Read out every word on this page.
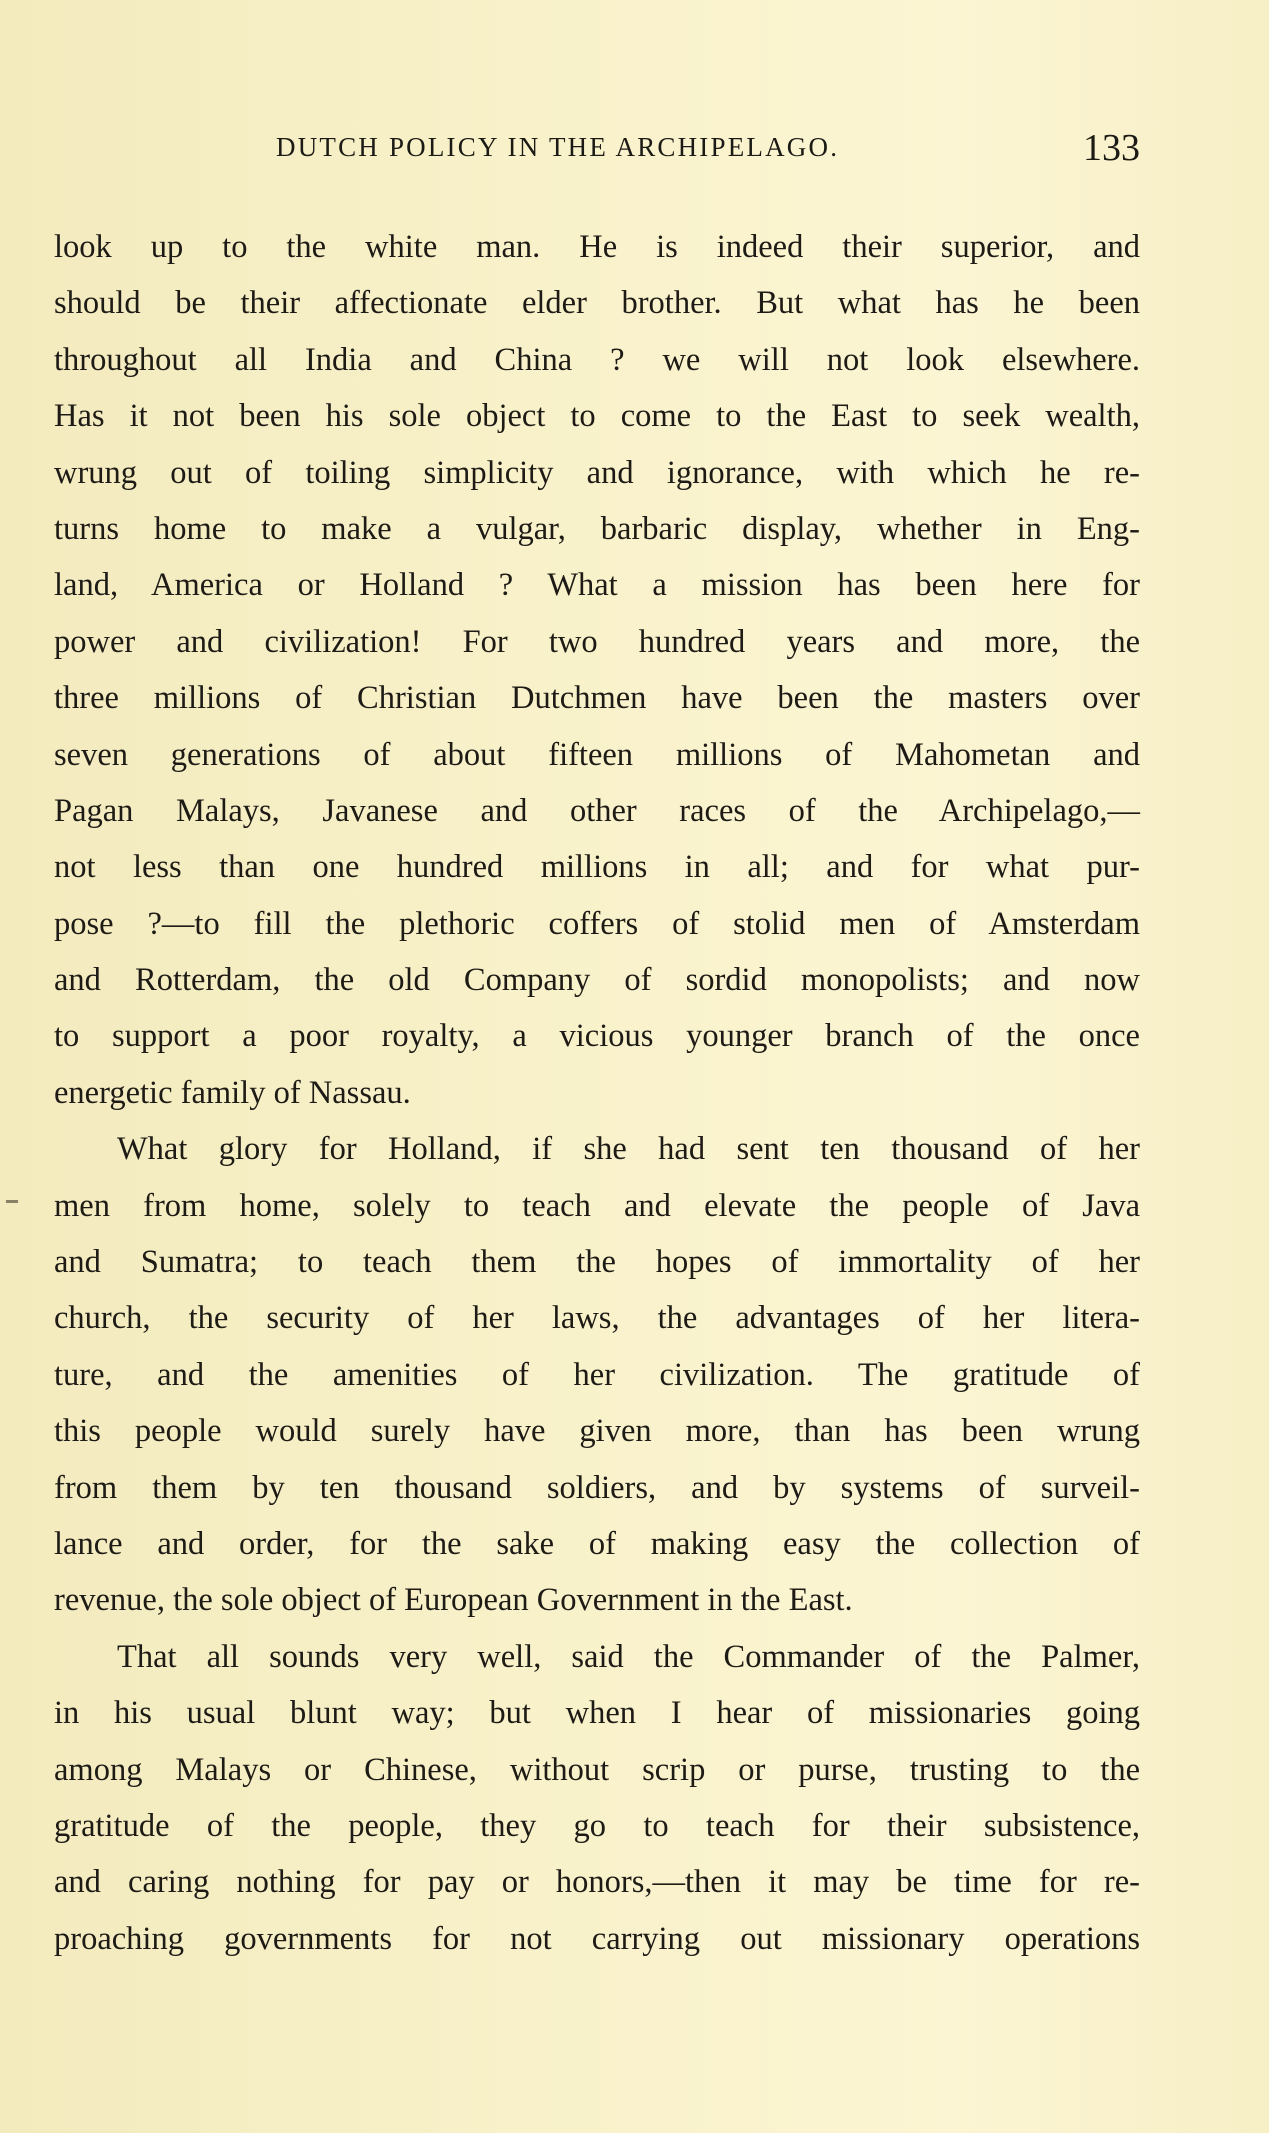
DUTCH POLICY IN THE ARCHIPELAGO.	133
look up to the white man. He is indeed their superior, and
should be their affectionate elder brother. But what has he been
throughout all India and China ? we will not look elsewhere.
Has it not been his sole object to come to the East to seek wealth,
wrung out of toiling simplicity and ignorance, with which he re-
turns home to make a vulgar, barbaric display, whether in Eng-
land, America or Holland ? What a mission has been here for
power and civilization! For two hundred years and more, the
three millions of Christian Dutchmen have been the masters over
seven generations of about fifteen millions of Mahometan and
Pagan Malays, Javanese and other races of the Archipelago,—
not less than one hundred millions in all; and for what pur-
pose ?—to fill the plethoric coffers of stolid men of Amsterdam
and Rotterdam, the old Company of sordid monopolists; and now
to support a poor royalty, a vicious younger branch of the once
energetic family of Nassau.
What glory for Holland, if she had sent ten thousand of her
men from home, solely to teach and elevate the people of Java
and Sumatra; to teach them the hopes of immortality of her
church, the security of her laws, the advantages of her litera-
ture, and the amenities of her civilization. The gratitude of
this people would surely have given more, than has been wrung
from them by ten thousand soldiers, and by systems of surveil-
lance and order, for the sake of making easy the collection of
revenue, the sole object of European Government in the East.
That all sounds very well, said the Commander of the Palmer,
in his usual blunt way; but when I hear of missionaries going
among Malays or Chinese, without scrip or purse, trusting to the
gratitude of the people, they go to teach for their subsistence,
and caring nothing for pay or honors,—then it may be time for re-
proaching governments for not carrying out missionary operations
